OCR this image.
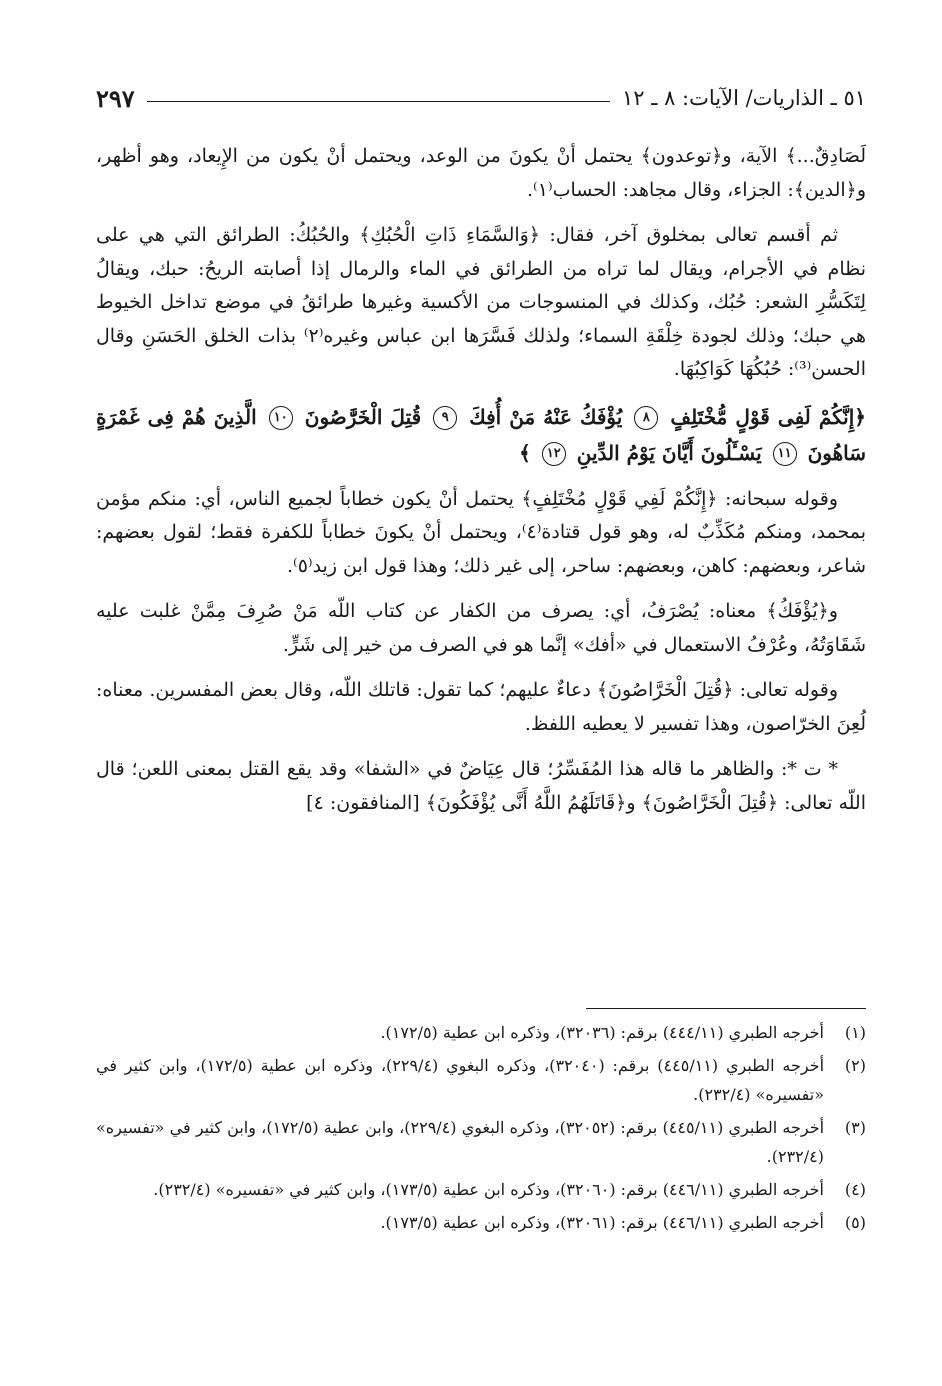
٥١ ـ الذاريات/ الآيات: ٨ ـ ١٢
٢٩٧

لَصَادِقٌ...﴾ الآية، و﴿توعدون﴾ يحتمل أنْ يكونَ من الوعد، ويحتمل أنْ يكون من الإِيعاد، وهو أظهر، و﴿الدين﴾: الجزاء، وقال مجاهد: الحساب⁽١⁾.

ثم أقسم تعالى بمخلوق آخر، فقال: ﴿وَالسَّمَاءِ ذَاتِ الْحُبُكِ﴾ والحُبُكُ: الطرائق التي هي على نظام في الأجرام، ويقال لما تراه من الطرائق في الماء والرمال إذا أصابته الريحُ: حبك، ويقالُ لِتَكَسُّرِ الشعر: حُبُك، وكذلك في المنسوجات من الأكسية وغيرها طرائقُ في موضع تداخل الخيوط هي حبك؛ وذلك لجودة خِلْقَةِ السماء؛ ولذلك فَسَّرَها ابن عباس وغيره⁽٢⁾ بذات الخلق الحَسَنِ وقال الحسن⁽³⁾: حُبُكُهَا كَوَاكِبُهَا.

﴿إِنَّكُمْ لَفِى قَوْلٍ مُّخْتَلِفٍ ٨ يُؤْفَكُ عَنْهُ مَنْ أُفِكَ ٩ قُتِلَ الْخَرَّٰصُونَ ١٠ الَّذِينَ هُمْ فِى غَمْرَةٍ سَاهُونَ ١١ يَسْـَٔلُونَ أَيَّانَ يَوْمُ الدِّينِ ١٢ ﴾

وقوله سبحانه: ﴿إِنَّكُمْ لَفِي قَوْلٍ مُخْتَلِفٍ﴾ يحتمل أنْ يكون خطاباً لجميع الناس، أي: منكم مؤمن بمحمد، ومنكم مُكَذِّبٌ له، وهو قول قتادة⁽٤⁾، ويحتمل أنْ يكونَ خطاباً للكفرة فقط؛ لقول بعضهم: شاعر، وبعضهم: كاهن، وبعضهم: ساحر، إلى غير ذلك؛ وهذا قول ابن زيد⁽٥⁾.

و﴿يُؤْفَكُ﴾ معناه: يُصْرَفُ، أي: يصرف من الكفار عن كتاب اللّه مَنْ صُرِفَ مِمَّنْ غلبت عليه شَقَاوَتُهُ، وعُرْفُ الاستعمال في «أفك» إنَّما هو في الصرف من خير إلى شَرٍّ.

وقوله تعالى: ﴿قُتِلَ الْخَرَّاصُونَ﴾ دعاءٌ عليهم؛ كما تقول: قاتلك اللّه، وقال بعض المفسرين. معناه: لُعِنَ الخرّاصون، وهذا تفسير لا يعطيه اللفظ.

* ت *: والظاهر ما قاله هذا المُفَسِّرُ؛ قال عِيَاضٌ في «الشفا» وقد يقع القتل بمعنى اللعن؛ قال اللّه تعالى: ﴿قُتِلَ الْخَرَّاصُونَ﴾ و﴿قَاتَلَهُمُ اللَّهُ أَنَّى يُؤْفَكُونَ﴾ [المنافقون: ٤]

(١)
أخرجه الطبري (٤٤٤/١١) برقم: (٣٢٠٣٦)، وذكره ابن عطية (١٧٢/٥).
(٢)
أخرجه الطبري (٤٤٥/١١) برقم: (٣٢٠٤٠)، وذكره البغوي (٢٢٩/٤)، وذكره ابن عطية (١٧٢/٥)، وابن كثير في «تفسيره» (٢٣٢/٤).
(٣)
أخرجه الطبري (٤٤٥/١١) برقم: (٣٢٠٥٢)، وذكره البغوي (٢٢٩/٤)، وابن عطية (١٧٢/٥)، وابن كثير في «تفسيره» (٢٣٢/٤).
(٤)
أخرجه الطبري (٤٤٦/١١) برقم: (٣٢٠٦٠)، وذكره ابن عطية (١٧٣/٥)، وابن كثير في «تفسيره» (٢٣٢/٤).
(٥)
أخرجه الطبري (٤٤٦/١١) برقم: (٣٢٠٦١)، وذكره ابن عطية (١٧٣/٥).
